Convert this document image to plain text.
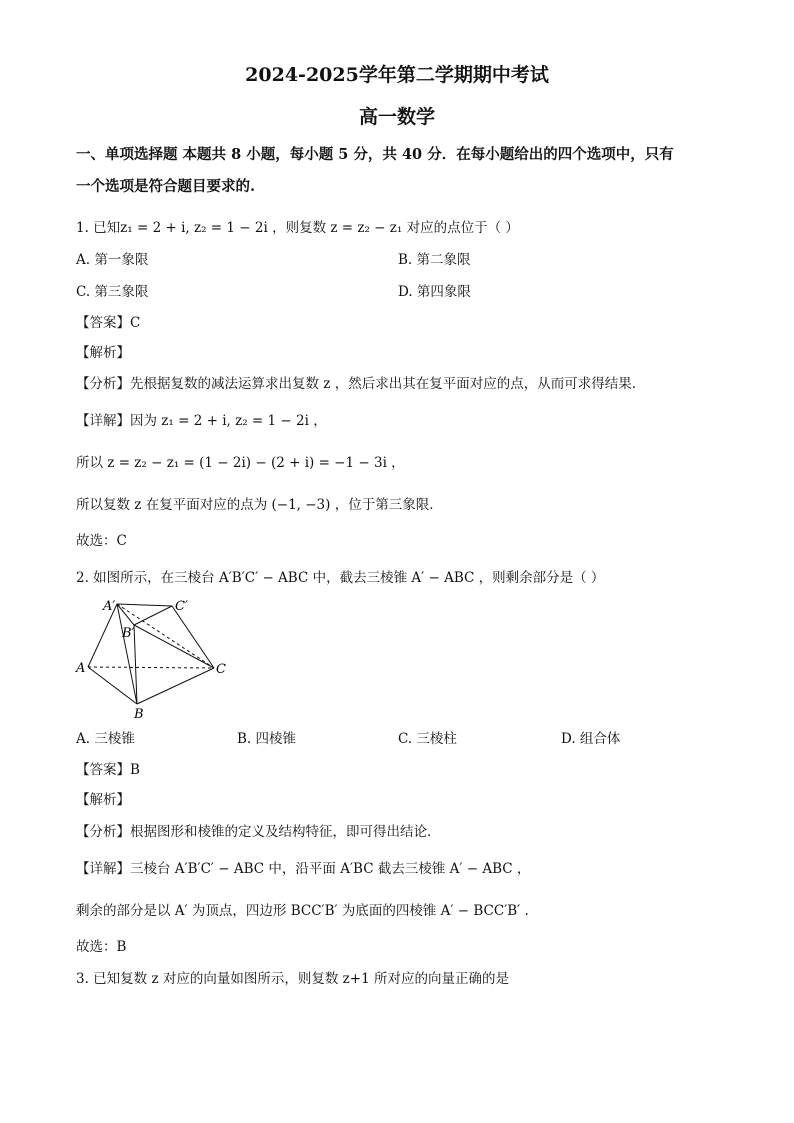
2024-2025学年第二学期期中考试
高一数学
一、单项选择题 本题共 8 小题，每小题 5 分，共 40 分．在每小题给出的四个选项中，只有
一个选项是符合题目要求的.
1. 已知z₁ = 2 + i, z₂ = 1 − 2i ，则复数 z = z₂ − z₁ 对应的点位于（ ）
A. 第一象限	B. 第二象限
C. 第三象限	D. 第四象限
【答案】C
【解析】
【分析】先根据复数的减法运算求出复数 z ，然后求出其在复平面对应的点，从而可求得结果.
【详解】因为 z₁ = 2 + i, z₂ = 1 − 2i ，
所以 z = z₂ − z₁ = (1 − 2i) − (2 + i) = −1 − 3i ，
所以复数 z 在复平面对应的点为 (−1, −3) ，位于第三象限．
故选：C
2. 如图所示，在三棱台 A′B′C′ − ABC 中，截去三棱锥 A′ − ABC ，则剩余部分是（ ）
A′	C′
B′
A	C
B
A. 三棱锥	B. 四棱锥	C. 三棱柱	D. 组合体
【答案】B
【解析】
【分析】根据图形和棱锥的定义及结构特征，即可得出结论．
【详解】三棱台 A′B′C′ − ABC 中，沿平面 A′BC 截去三棱锥 A′ − ABC ，
剩余的部分是以 A′ 为顶点，四边形 BCC′B′ 为底面的四棱锥 A′ − BCC′B′ .
故选：B
3. 已知复数 z 对应的向量如图所示，则复数 z+1 所对应的向量正确的是
